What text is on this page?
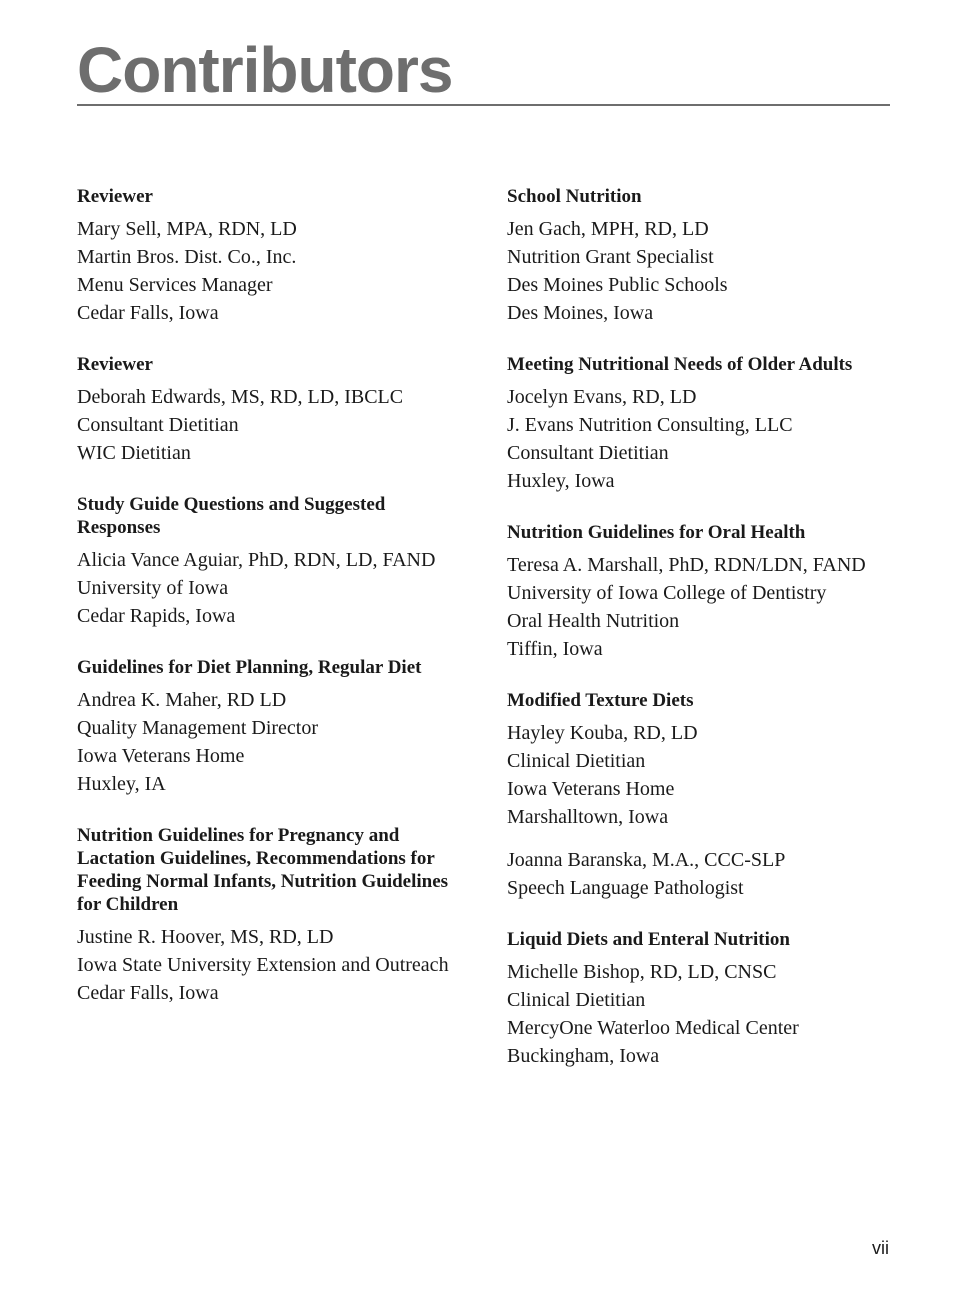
Contributors
Reviewer
Mary Sell, MPA, RDN, LD
Martin Bros. Dist. Co., Inc.
Menu Services Manager
Cedar Falls, Iowa
Reviewer
Deborah Edwards, MS, RD, LD, IBCLC
Consultant Dietitian
WIC Dietitian
Study Guide Questions and Suggested Responses
Alicia Vance Aguiar, PhD, RDN, LD, FAND
University of Iowa
Cedar Rapids, Iowa
Guidelines for Diet Planning, Regular Diet
Andrea K. Maher, RD LD
Quality Management Director
Iowa Veterans Home
Huxley, IA
Nutrition Guidelines for Pregnancy and Lactation Guidelines, Recommendations for Feeding Normal Infants, Nutrition Guidelines for Children
Justine R. Hoover, MS, RD, LD
Iowa State University Extension and Outreach
Cedar Falls, Iowa
School Nutrition
Jen Gach, MPH, RD, LD
Nutrition Grant Specialist
Des Moines Public Schools
Des Moines, Iowa
Meeting Nutritional Needs of Older Adults
Jocelyn Evans, RD, LD
J. Evans Nutrition Consulting, LLC
Consultant Dietitian
Huxley, Iowa
Nutrition Guidelines for Oral Health
Teresa A. Marshall, PhD, RDN/LDN, FAND
University of Iowa College of Dentistry
Oral Health Nutrition
Tiffin, Iowa
Modified Texture Diets
Hayley Kouba, RD, LD
Clinical Dietitian
Iowa Veterans Home
Marshalltown, Iowa
Joanna Baranska, M.A., CCC-SLP
Speech Language Pathologist
Liquid Diets and Enteral Nutrition
Michelle Bishop, RD, LD, CNSC
Clinical Dietitian
MercyOne Waterloo Medical Center
Buckingham, Iowa
vii
